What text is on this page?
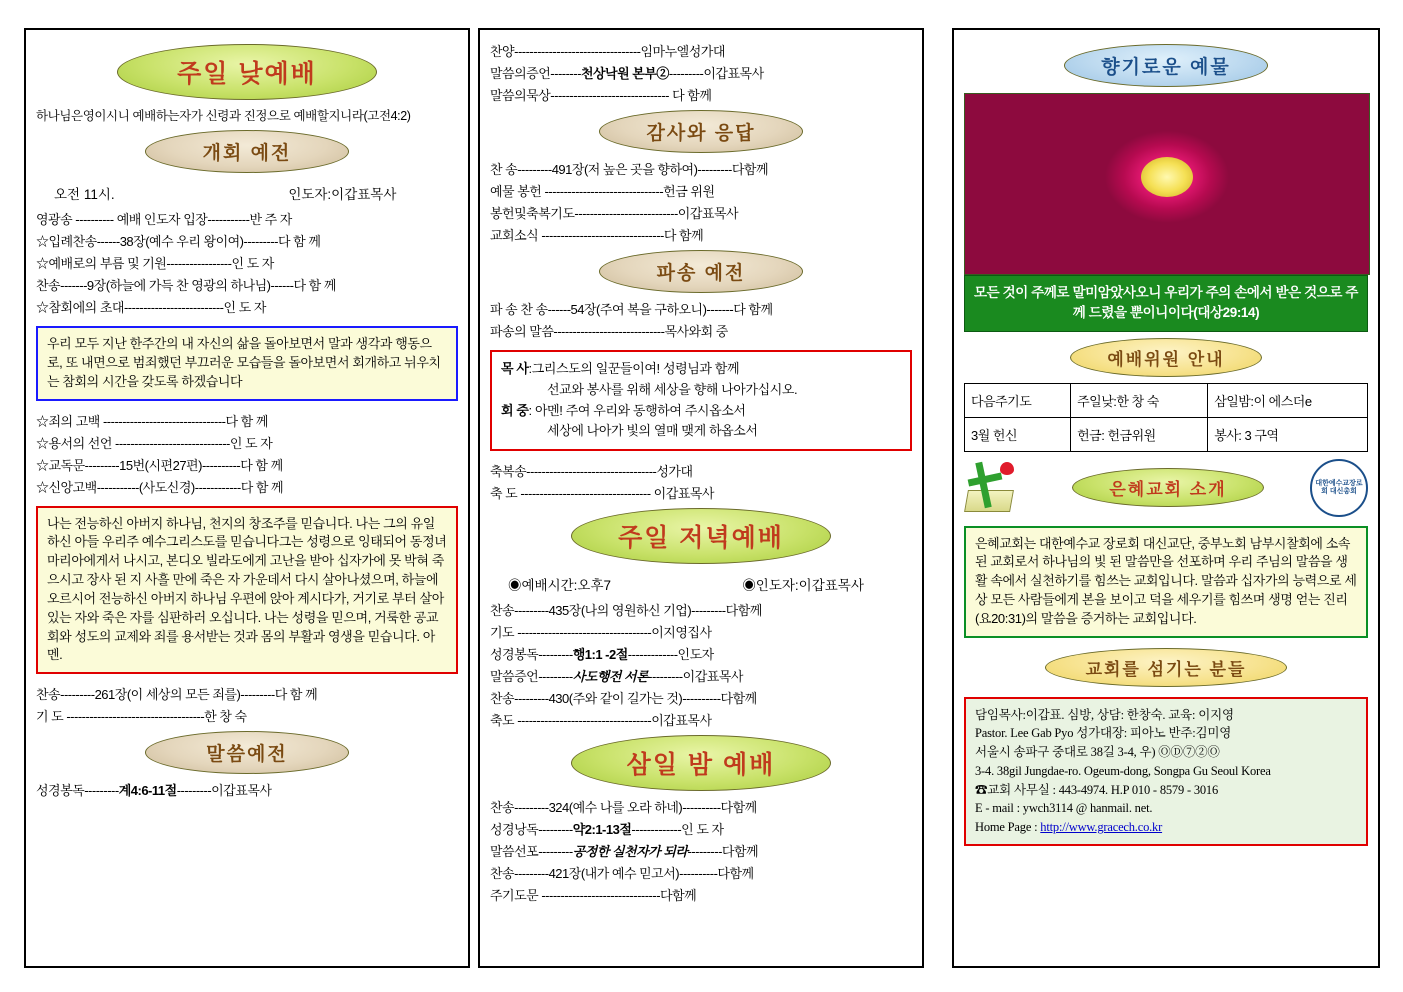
주일 낮예배
하나님은영이시니 예배하는자가 신령과 진정으로 예배할지니라(고전4:2)
개회 예전
오전 11시.	인도자:이갑표목사
영광송 ---------- 예배 인도자 입장-----------반 주 자
☆입례찬송------38장(예수 우리 왕이여)---------다 함 께
☆예배로의 부름 및 기원-----------------인 도 자
찬송-------9장(하늘에 가득 찬 영광의 하나님)------다 함 께
☆참회에의 초대--------------------------인 도 자
우리 모두 지난 한주간의 내 자신의 삶을 돌아보면서 말과 생각과 행동으로, 또 내면으로 범죄했던 부끄러운 모습들을 돌아보면서 회개하고 뉘우치는 참회의 시간을 갖도록 하겠습니다
☆죄의 고백 --------------------------------다 함 께
☆용서의 선언 ------------------------------인 도 자
☆교독문---------15번(시편27편)----------다 함 께
☆신앙고백-----------(사도신경)------------다 함 께
나는 전능하신 아버지 하나님, 천지의 창조주를 믿습니다. 나는 그의 유일하신 아들 우리주 예수그리스도를 믿습니다그는 성령으로 잉태되어 동정녀 마리아에게서 나시고, 본디오 빌라도에게 고난을 받아 십자가에 못 박혀 죽으시고 장사 된 지 사흘 만에 죽은 자 가운데서 다시 살아나셨으며, 하늘에 오르시어 전능하신 아버지 하나님 우편에 앉아 계시다가, 거기로 부터 살아있는 자와 죽은 자를 심판하러 오십니다. 나는 성령을 믿으며, 거룩한 공교회와 성도의 교제와 죄를 용서받는 것과 몸의 부활과 영생을 믿습니다. 아멘.
찬송---------261장(이 세상의 모든 죄를)---------다 함 께
기 도 ------------------------------------한 창 숙
말씀예전
성경봉독---------계4:6-11절---------이갑표목사
찬양---------------------------------임마누엘성가대
말씀의증언--------천상낙원 본부②---------이갑표목사
말씀의묵상------------------------------- 다 함께
감사와 응답
찬 송---------491장(저 높은 곳을 향하여)---------다함께
예물 봉헌 -------------------------------헌금 위원
봉헌및축복기도---------------------------이갑표목사
교회소식 --------------------------------다 함께
파송 예전
파 송 찬 송------54장(주여 복을 구하오니)-------다 함께
파송의 말씀-----------------------------목사와회 중
목 사:그리스도의 일꾼들이여! 성령님과 함께
선교와 봉사를 위해 세상을 향해 나아가십시오.
회 중: 아멘! 주여 우리와 동행하여 주시옵소서
세상에 나아가 빛의 열매 맺게 하옵소서
축복송----------------------------------성가대
축 도 ---------------------------------- 이갑표목사
주일 저녁예배
◉예배시간:오후7	◉인도자:이갑표목사
찬송---------435장(나의 영원하신 기업)---------다함께
기도 -----------------------------------이지영집사
성경봉독---------행1:1 -2절-------------인도자
말씀증언---------사도행전 서론---------이갑표목사
찬송---------430(주와 같이 길가는 것)----------다함께
축도 -----------------------------------이갑표목사
삼일 밤 예배
찬송---------324(예수 나를 오라 하네)----------다함께
성경낭독---------약2:1-13절-------------인 도 자
말씀선포---------공정한 실천자가 되라---------다함께
찬송---------421장(내가 예수 믿고서)----------다함께
주기도문 -------------------------------다함께
향기로운 예물
모든 것이 주께로 말미암았사오니 우리가 주의 손에서 받은 것으로 주께 드렸을 뿐이니이다(대상29:14)
예배위원 안내
다음주기도	주일낮:한 창 숙	삼일밤:이 에스더e
3월 헌신	헌금: 헌금위원	봉사: 3 구역
은혜교회 소개	대한예수교장로회 대신총회
은혜교회는 대한예수교 장로회 대신교단, 중부노회 남부시찰회에 소속된 교회로서 하나님의 빛 된 말씀만을 선포하며 우리 주님의 말씀을 생활 속에서 실천하기를 힘쓰는 교회입니다. 말씀과 십자가의 능력으로 세상 모든 사람들에게 본을 보이고 덕을 세우기를 힘쓰며 생명 얻는 진리(요20:31)의 말씀을 증거하는 교회입니다.
교회를 섬기는 분들
담임목사:이갑표. 심방, 상담: 한창숙. 교육: 이지영
Pastor. Lee Gab Pyo 성가대장: 피아노 반주:김미영
서울시 송파구 중대로 38길 3-4, 우) ⓄⒹ⑦②Ⓞ
3-4. 38gil Jungdae-ro. Ogeum-dong, Songpa Gu Seoul Korea
☎교회 사무실 : 443-4974. H.P 010 - 8579 - 3016
E - mail : ywch3114 @ hanmail. net.
Home Page : http://www.gracech.co.kr
